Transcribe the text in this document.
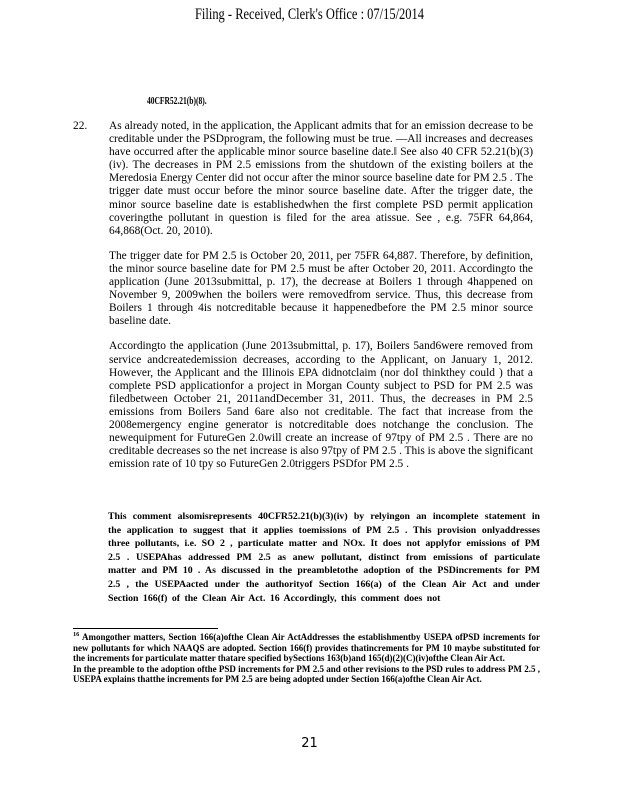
Filing - Received, Clerk's Office : 07/15/2014
40CFR52.21(b)(8).
22. As already noted, in the application, the Applicant admits that for an emission decrease to be creditable under the PSDprogram, the following must be true. —All increases and decreases have occurred after the applicable minor source baseline date.‖ See also 40 CFR 52.21(b)(3)(iv). The decreases in PM 2.5 emissions from the shutdown of the existing boilers at the Meredosia Energy Center did not occur after the minor source baseline date for PM 2.5 . The trigger date must occur before the minor source baseline date. After the trigger date, the minor source baseline date is establishedwhen the first complete PSD permit application coveringthe pollutant in question is filed for the area atissue. See , e.g. 75FR 64,864, 64,868(Oct. 20, 2010).

The trigger date for PM 2.5 is October 20, 2011, per 75FR 64,887. Therefore, by definition, the minor source baseline date for PM 2.5 must be after October 20, 2011. Accordingto the application (June 2013submittal, p. 17), the decrease at Boilers 1 through 4happened on November 9, 2009when the boilers were removedfrom service. Thus, this decrease from Boilers 1 through 4is notcreditable because it happenedbefore the PM 2.5 minor source baseline date.

Accordingto the application (June 2013submittal, p. 17), Boilers 5and6were removed from service andcreatedemission decreases, according to the Applicant, on January 1, 2012. However, the Applicant and the Illinois EPA didnotclaim (nor doI thinkthey could ) that a complete PSD applicationfor a project in Morgan County subject to PSD for PM 2.5 was filedbetween October 21, 2011andDecember 31, 2011. Thus, the decreases in PM 2.5 emissions from Boilers 5and 6are also not creditable. The fact that increase from the 2008emergency engine generator is notcreditable does notchange the conclusion. The newequipment for FutureGen 2.0will create an increase of 97tpy of PM 2.5 . There are no creditable decreases so the net increase is also 97tpy of PM 2.5 . This is above the significant emission rate of 10 tpy so FutureGen 2.0triggers PSDfor PM 2.5 .

This comment alsomisrepresents 40CFR52.21(b)(3)(iv) by relyingon an incomplete statement in the application to suggest that it applies toemissions of PM 2.5 . This provision onlyaddresses three pollutants, i.e. SO 2 , particulate matter and NOx. It does not applyfor emissions of PM 2.5 . USEPAhas addressed PM 2.5 as anew pollutant, distinct from emissions of particulate matter and PM 10 . As discussed in the preambletothe adoption of the PSDincrements for PM 2.5 , the USEPAacted under the authorityof Section 166(a) of the Clean Air Act and under Section 166(f) of the Clean Air Act. 16 Accordingly, this comment does not

$^{16}$ Amongother matters, Section 166(a)ofthe Clean Air ActAddresses the establishmentby USEPA ofPSD increments for new pollutants for which NAAQS are adopted. Section 166(f) provides thatincrements for PM 10 maybe substituted for the increments for particulate matter thatare specified bySections 163(b)and 165(d)(2)(C)(iv)ofthe Clean Air Act.

In the preamble to the adoption ofthe PSD increments for PM 2.5 and other revisions to the PSD rules to address PM 2.5 , USEPA explains thatthe increments for PM 2.5 are being adopted under Section 166(a)ofthe Clean Air Act.

21
